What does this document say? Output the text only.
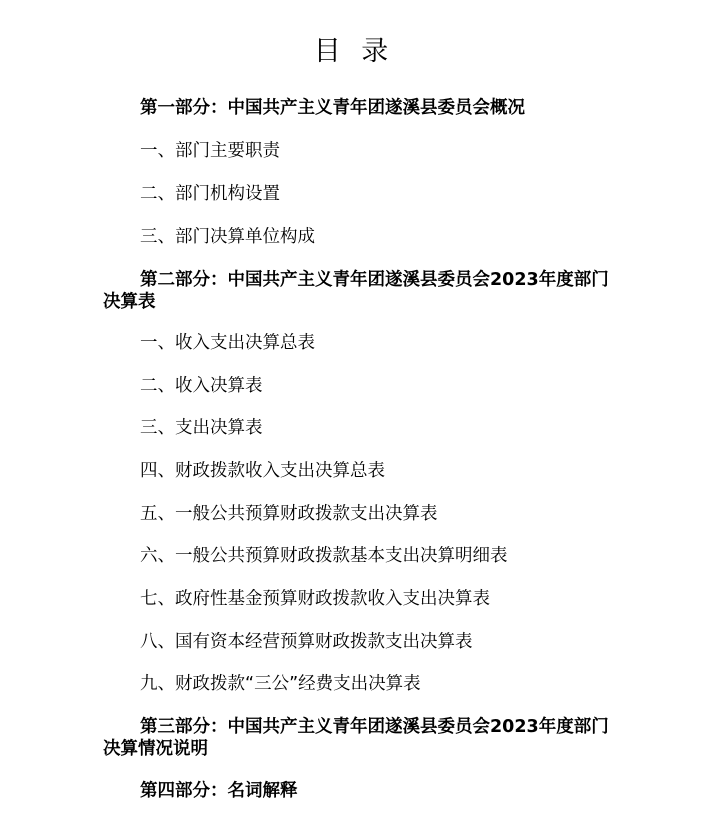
目 录
第一部分：中国共产主义青年团遂溪县委员会概况
一、部门主要职责
二、部门机构设置
三、部门决算单位构成
第二部分：中国共产主义青年团遂溪县委员会2023年度部门决算表
一、收入支出决算总表
二、收入决算表
三、支出决算表
四、财政拨款收入支出决算总表
五、一般公共预算财政拨款支出决算表
六、一般公共预算财政拨款基本支出决算明细表
七、政府性基金预算财政拨款收入支出决算表
八、国有资本经营预算财政拨款支出决算表
九、财政拨款“三公”经费支出决算表
第三部分：中国共产主义青年团遂溪县委员会2023年度部门决算情况说明
第四部分：名词解释
